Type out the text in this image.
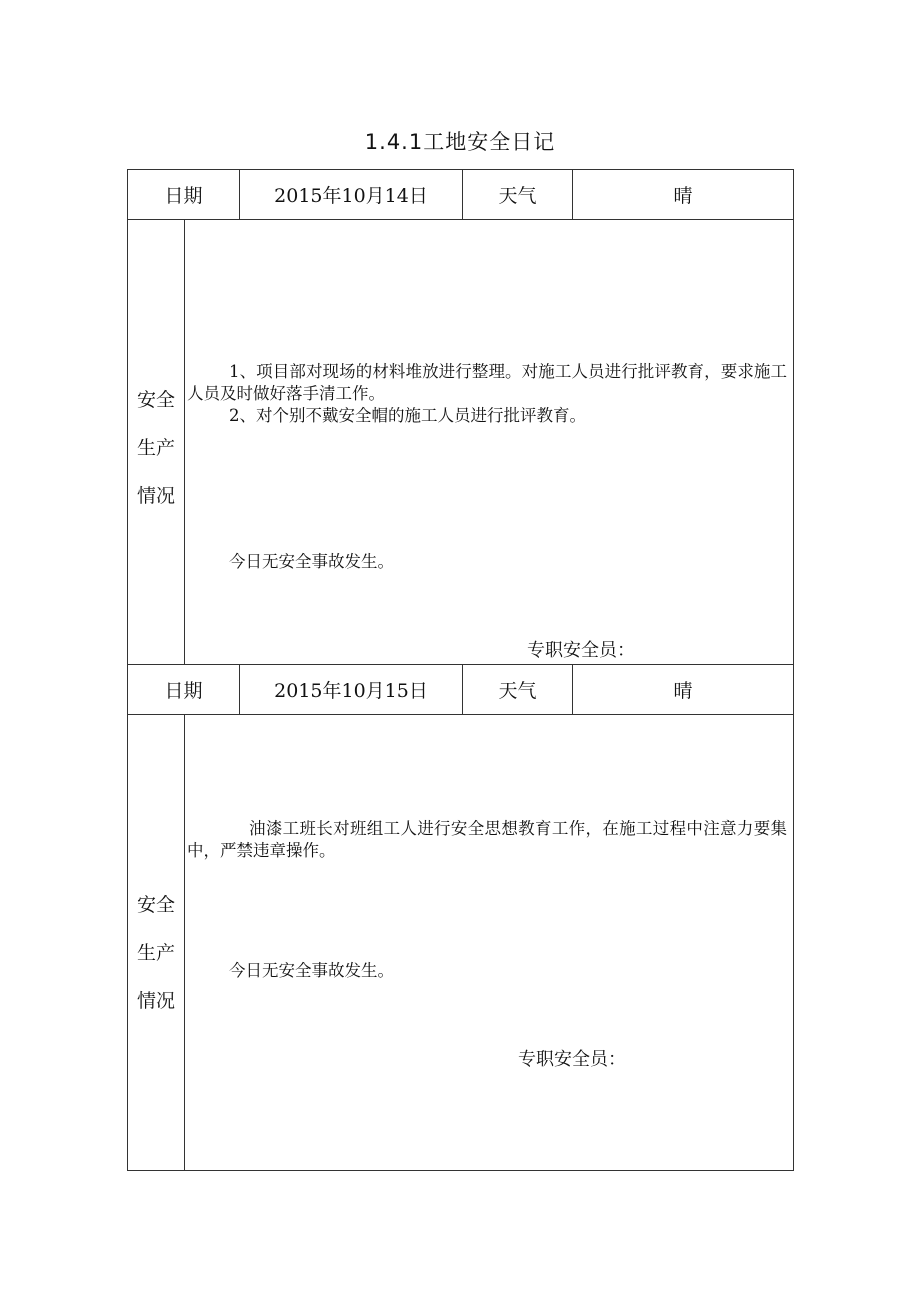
1.4.1工地安全日记
日期		2015年10月14日	天气	晴

安全生产情况	1、项目部对现场的材料堆放进行整理。对施工人员进行批评教育，要求施工人员及时做好落手清工作。
2、对个别不戴安全帽的施工人员进行批评教育。
今日无安全事故发生。
专职安全员：			

日期		2015年10月15日	天气	晴

安全生产情况	油漆工班长对班组工人进行安全思想教育工作，在施工过程中注意力要集中，严禁违章操作。
今日无安全事故发生。
专职安全员：			
